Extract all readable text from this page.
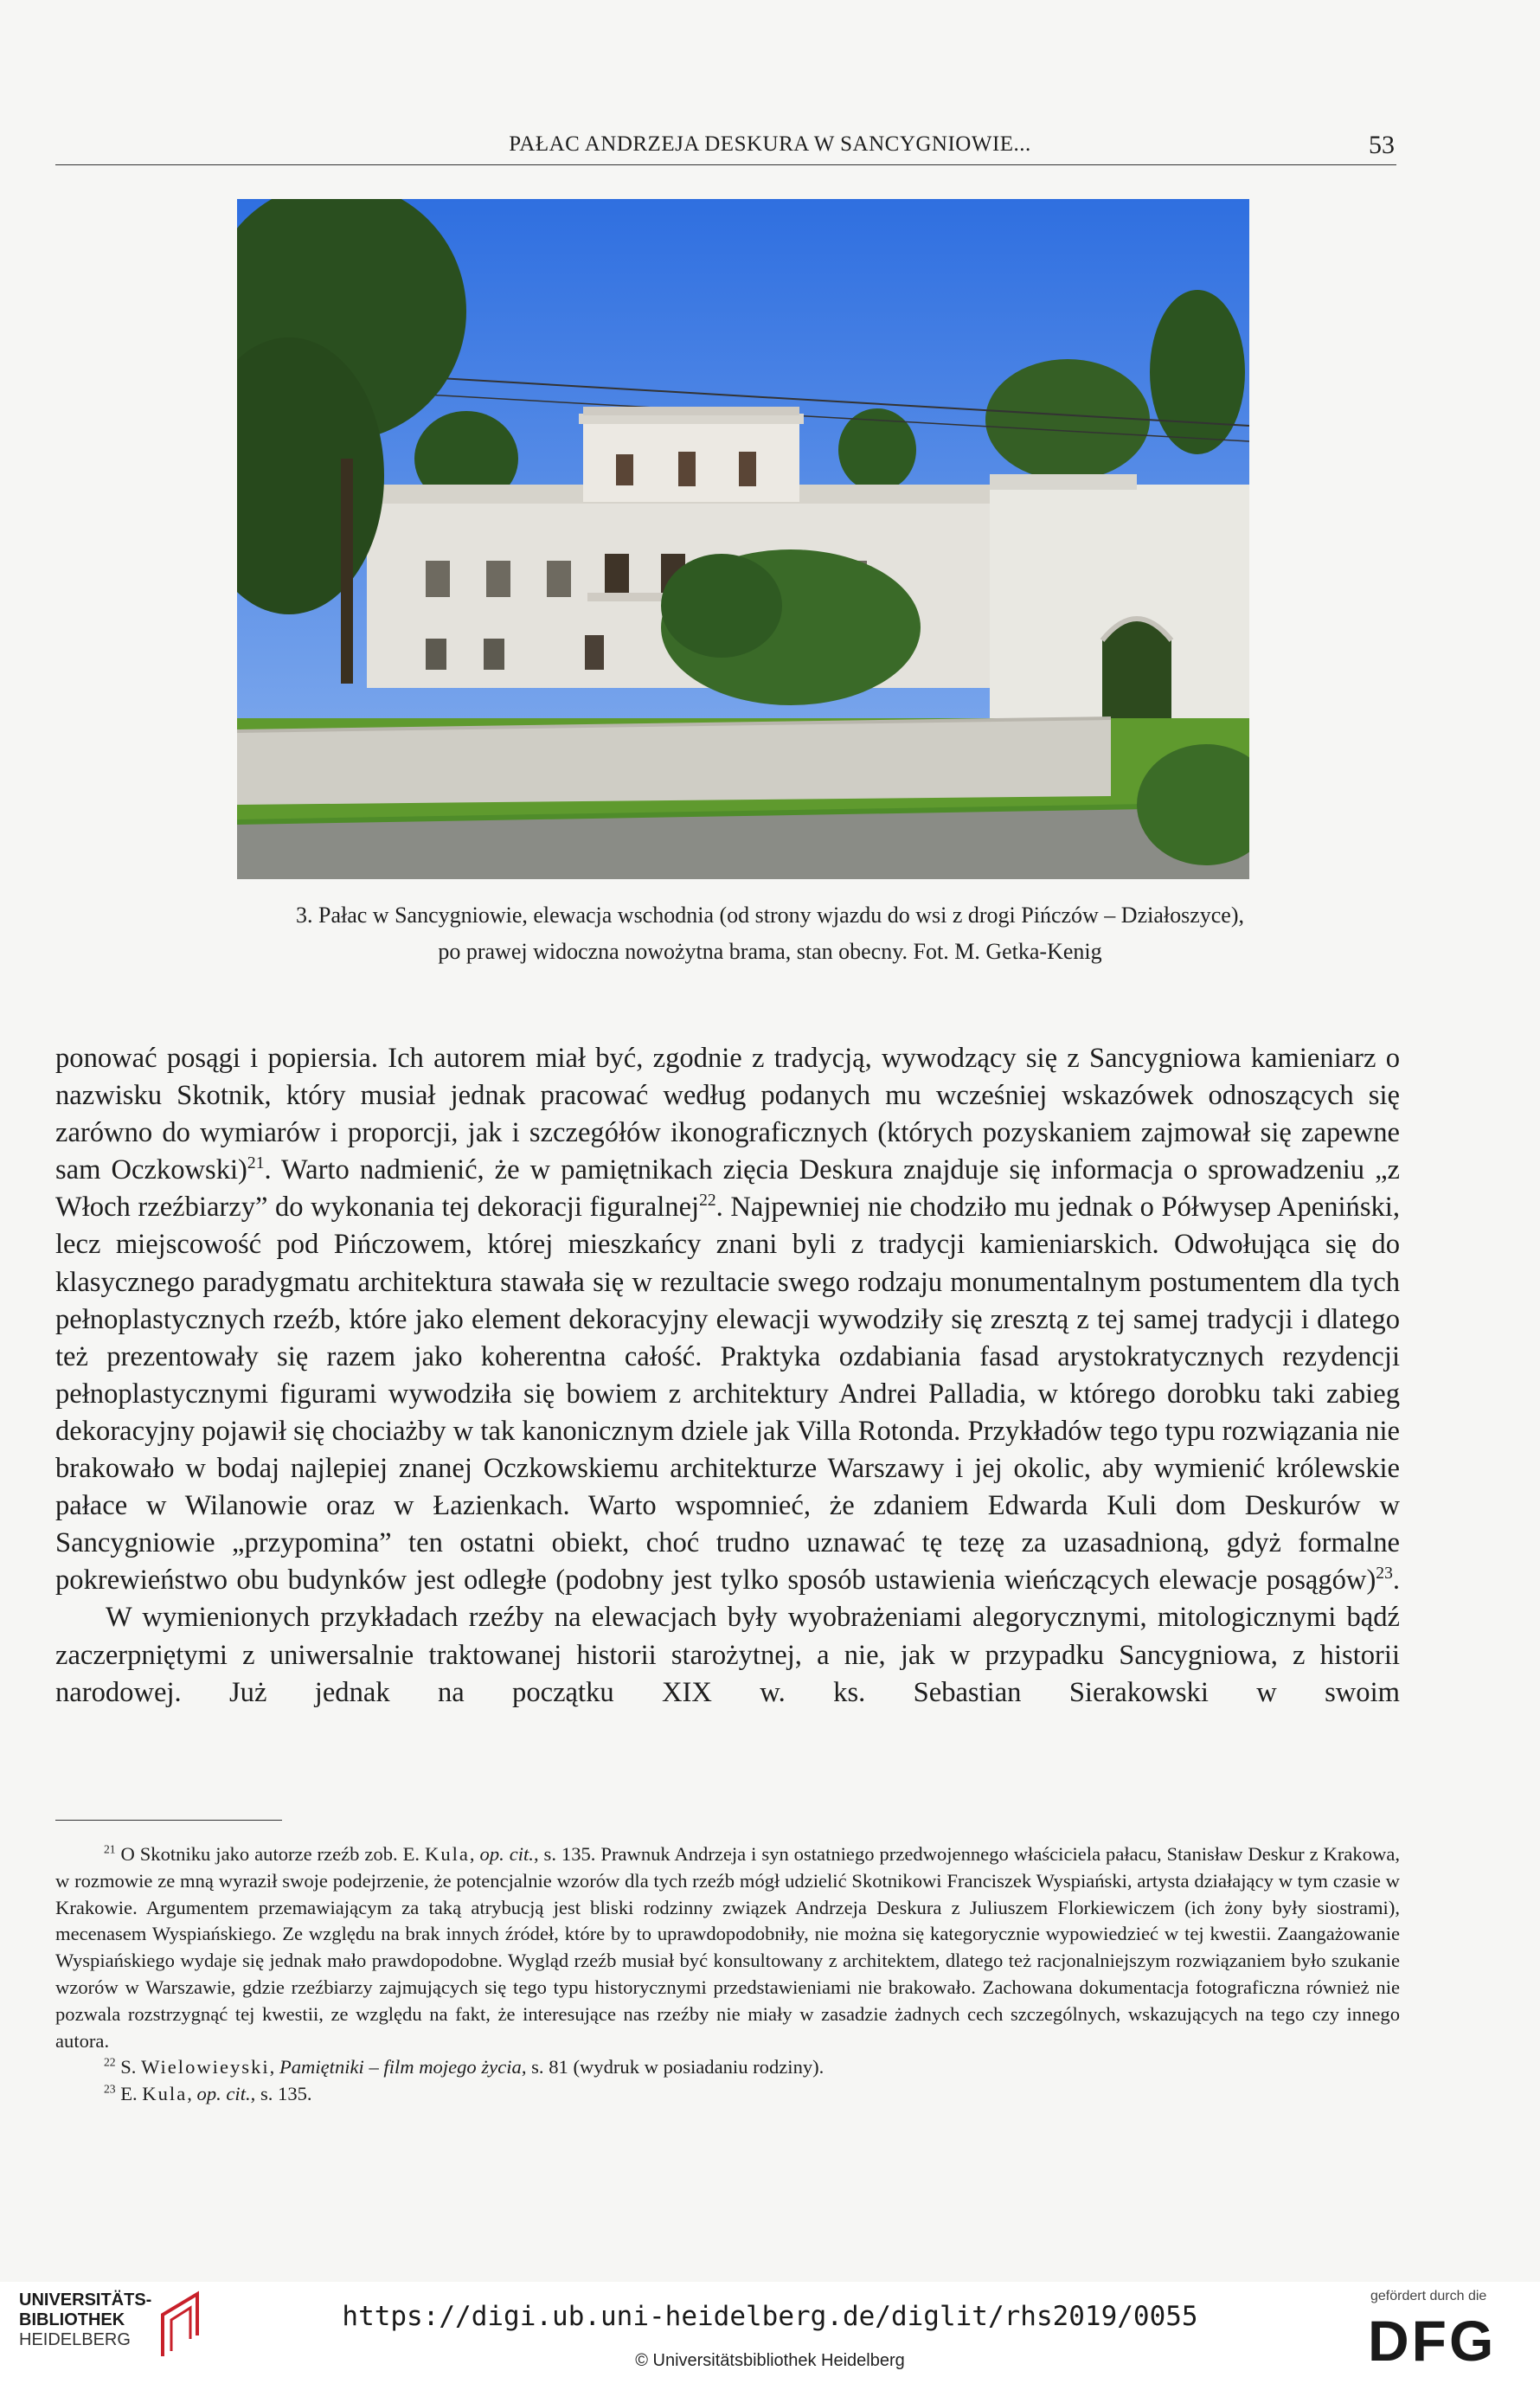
PAŁAC ANDRZEJA DESKURA W SANCYGNIOWIE...	53

3. Pałac w Sancygniowie, elewacja wschodnia (od strony wjazdu do wsi z drogi Pińczów – Działoszyce),

po prawej widoczna nowożytna brama, stan obecny. Fot. M. Getka-Kenig

ponować posągi i popiersia. Ich autorem miał być, zgodnie z tradycją, wywodzący się z Sancygniowa kamieniarz o nazwisku Skotnik, który musiał jednak pracować według podanych mu wcześniej wskazówek odnoszących się zarówno do wymiarów i proporcji, jak i szczegółów ikonograficznych (których pozyskaniem zajmował się zapewne sam Oczkowski)$^{21}$. Warto nadmienić, że w pamiętnikach zięcia Deskura znajduje się informacja o sprowadzeniu „z Włoch rzeźbiarzy” do wykonania tej dekoracji figuralnej$^{22}$. Najpewniej nie chodziło mu jednak o Półwysep Apeniński, lecz miejscowość pod Pińczowem, której mieszkańcy znani byli z tradycji kamieniarskich. Odwołująca się do klasycznego paradygmatu architektura stawała się w rezultacie swego rodzaju monumentalnym postumentem dla tych pełnoplastycznych rzeźb, które jako element dekoracyjny elewacji wywodziły się zresztą z tej samej tradycji i dlatego też prezentowały się razem jako koherentna całość. Praktyka ozdabiania fasad arystokratycznych rezydencji pełnoplastycznymi figurami wywodziła się bowiem z architektury Andrei Palladia, w którego dorobku taki zabieg dekoracyjny pojawił się chociażby w tak kanonicznym dziele jak Villa Rotonda. Przykładów tego typu rozwiązania nie brakowało w bodaj najlepiej znanej Oczkowskiemu architekturze Warszawy i jej okolic, aby wymienić królewskie pałace w Wilanowie oraz w Łazienkach. Warto wspomnieć, że zdaniem Edwarda Kuli dom Deskurów w Sancygniowie „przypomina” ten ostatni obiekt, choć trudno uznawać tę tezę za uzasadnioną, gdyż formalne pokrewieństwo obu budynków jest odległe (podobny jest tylko sposób ustawienia wieńczących elewacje posągów)$^{23}$.

W wymienionych przykładach rzeźby na elewacjach były wyobrażeniami alegorycznymi, mitologicznymi bądź zaczerpniętymi z uniwersalnie traktowanej historii starożytnej, a nie, jak w przypadku Sancygniowa, z historii narodowej. Już jednak na początku XIX w. ks. Sebastian Sierakowski w swoim

$^{21}$ O Skotniku jako autorze rzeźb zob. E. Kula, op. cit., s. 135. Prawnuk Andrzeja i syn ostatniego przedwojennego właściciela pałacu, Stanisław Deskur z Krakowa, w rozmowie ze mną wyraził swoje podejrzenie, że potencjalnie wzorów dla tych rzeźb mógł udzielić Skotnikowi Franciszek Wyspiański, artysta działający w tym czasie w Krakowie. Argumentem przemawiającym za taką atrybucją jest bliski rodzinny związek Andrzeja Deskura z Juliuszem Florkiewiczem (ich żony były siostrami), mecenasem Wyspiańskiego. Ze względu na brak innych źródeł, które by to uprawdopodobniły, nie można się kategorycznie wypowiedzieć w tej kwestii. Zaangażowanie Wyspiańskiego wydaje się jednak mało prawdopodobne. Wygląd rzeźb musiał być konsultowany z architektem, dlatego też racjonalniejszym rozwiązaniem było szukanie wzorów w Warszawie, gdzie rzeźbiarzy zajmujących się tego typu historycznymi przedstawieniami nie brakowało. Zachowana dokumentacja fotograficzna również nie pozwala rozstrzygnąć tej kwestii, ze względu na fakt, że interesujące nas rzeźby nie miały w zasadzie żadnych cech szczególnych, wskazujących na tego czy innego autora.

$^{22}$ S. Wielowieyski, Pamiętniki – film mojego życia, s. 81 (wydruk w posiadaniu rodziny).

$^{23}$ E. Kula, op. cit., s. 135.

UNIVERSITÄTS-
BIBLIOTHEK
HEIDELBERG
https://digi.ub.uni-heidelberg.de/diglit/rhs2019/0055
© Universitätsbibliothek Heidelberg
gefördert durch die
DFG
